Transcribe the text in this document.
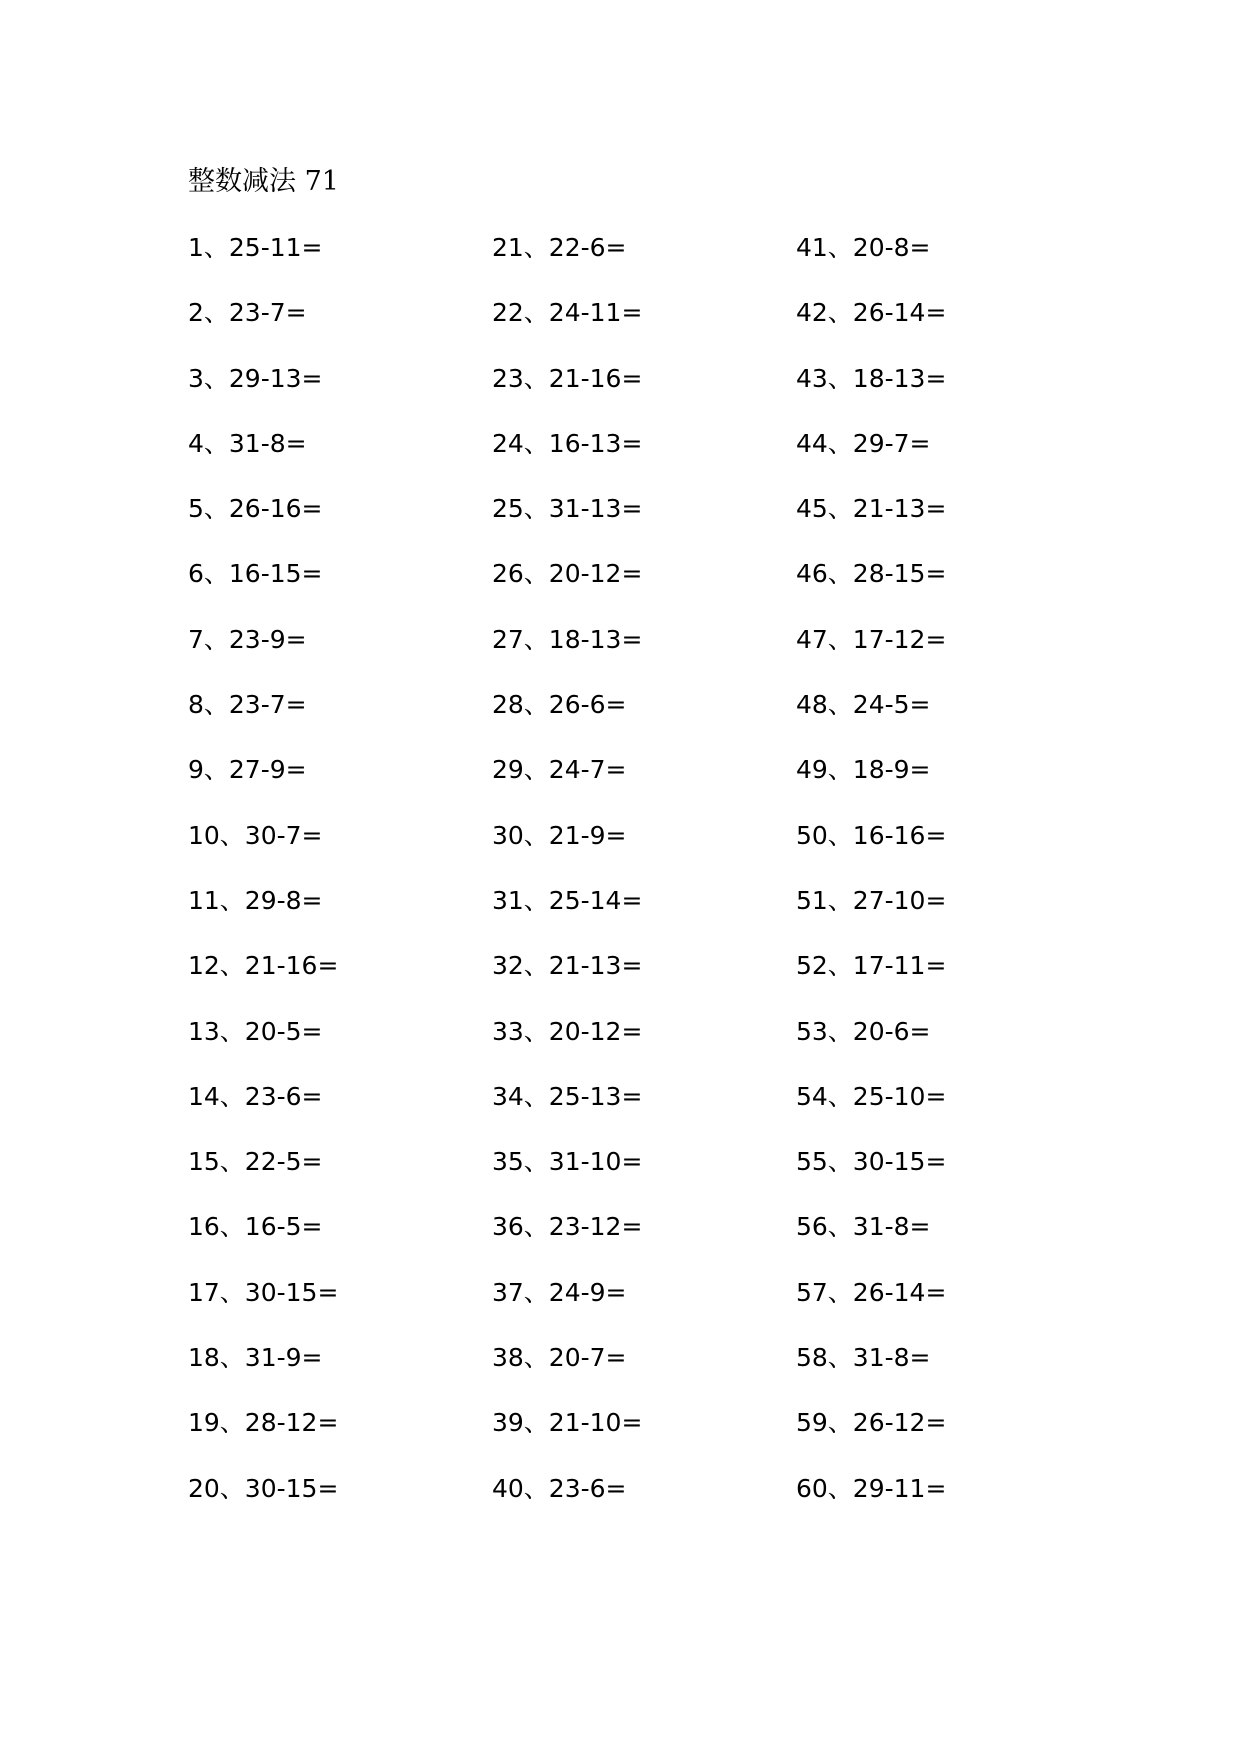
整数减法 71
1、25-11=	21、22-6=	41、20-8=
2、23-7=	22、24-11=	42、26-14=
3、29-13=	23、21-16=	43、18-13=
4、31-8=	24、16-13=	44、29-7=
5、26-16=	25、31-13=	45、21-13=
6、16-15=	26、20-12=	46、28-15=
7、23-9=	27、18-13=	47、17-12=
8、23-7=	28、26-6=	48、24-5=
9、27-9=	29、24-7=	49、18-9=
10、30-7=	30、21-9=	50、16-16=
11、29-8=	31、25-14=	51、27-10=
12、21-16=	32、21-13=	52、17-11=
13、20-5=	33、20-12=	53、20-6=
14、23-6=	34、25-13=	54、25-10=
15、22-5=	35、31-10=	55、30-15=
16、16-5=	36、23-12=	56、31-8=
17、30-15=	37、24-9=	57、26-14=
18、31-9=	38、20-7=	58、31-8=
19、28-12=	39、21-10=	59、26-12=
20、30-15=	40、23-6=	60、29-11=
